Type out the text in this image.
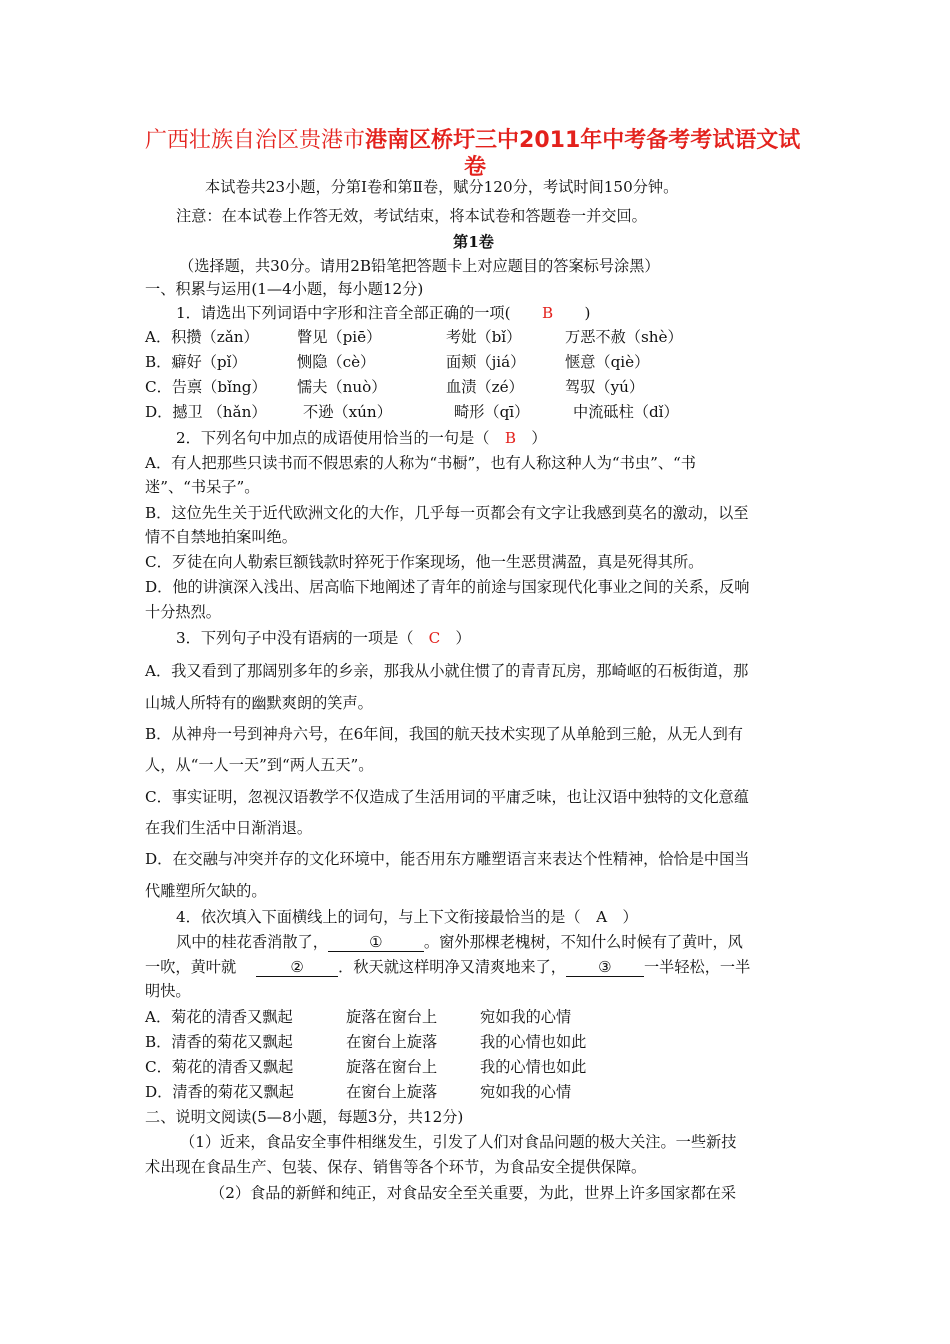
广西壮族自治区贵港市港南区桥圩三中2011年中考备考考试语文试
卷
本试卷共23小题，分第Ⅰ卷和第Ⅱ卷，赋分120分，考试时间150分钟。
注意：在本试卷上作答无效，考试结束，将本试卷和答题卷一并交回。
第1卷
（选择题，共30分。请用2B铅笔把答题卡上对应题目的答案标号涂黑）
一、积累与运用(1—4小题，每小题12分)
1．请选出下列词语中字形和注音全部正确的一项( B )
A．积攒（zǎn）	瞥见（piē）	考妣（bǐ）	万恶不赦（shè）
B．癖好（pǐ）	恻隐（cè）	面颊（jiá）	惬意（qiè）
C．告禀（bǐng） 懦夫（nuò）	血渍（zé）	驾驭（yú）
D．撼卫 （hǎn） 不逊（xún）	畸形（qī）	中流砥柱（dǐ）
2．下列名句中加点的成语使用恰当的一句是（ B ）
A．有人把那些只读书而不假思索的人称为“书橱”，也有人称这种人为“书虫”、“书
迷”、“书呆子”。
B．这位先生关于近代欧洲文化的大作，几乎每一页都会有文字让我感到莫名的激动，以至
情不自禁地拍案叫绝。
C．歹徒在向人勒索巨额钱款时猝死于作案现场，他一生恶贯满盈，真是死得其所。
D．他的讲演深入浅出、居高临下地阐述了青年的前途与国家现代化事业之间的关系，反响
十分热烈。
3．下列句子中没有语病的一项是（ C ）
A．我又看到了那阔别多年的乡亲，那我从小就住惯了的青青瓦房，那崎岖的石板街道，那
山城人所特有的幽默爽朗的笑声。
B．从神舟一号到神舟六号，在6年间，我国的航天技术实现了从单舱到三舱，从无人到有
人，从“一人一天”到“两人五天”。
C．事实证明，忽视汉语教学不仅造成了生活用词的平庸乏味，也让汉语中独特的文化意蕴
在我们生活中日渐消退。
D．在交融与冲突并存的文化环境中，能否用东方雕塑语言来表达个性精神，恰恰是中国当
代雕塑所欠缺的。
4．依次填入下面横线上的词句，与上下文衔接最恰当的是（ A ）
风中的桂花香消散了，	①	。窗外那棵老槐树，不知什么时候有了黄叶，风
一吹，黄叶就	② ．秋天就这样明净又清爽地来了， ③ 一半轻松，一半
明快。
A．菊花的清香又飘起	旋落在窗台上	宛如我的心情
B．清香的菊花又飘起	在窗台上旋落	我的心情也如此
C．菊花的清香又飘起	旋落在窗台上	我的心情也如此
D．清香的菊花又飘起	在窗台上旋落	宛如我的心情
二、说明文阅读(5—8小题，每题3分，共12分)
（1）近来，食品安全事件相继发生，引发了人们对食品问题的极大关注。一些新技
术出现在食品生产、包装、保存、销售等各个环节，为食品安全提供保障。
（2）食品的新鲜和纯正，对食品安全至关重要，为此，世界上许多国家都在采
